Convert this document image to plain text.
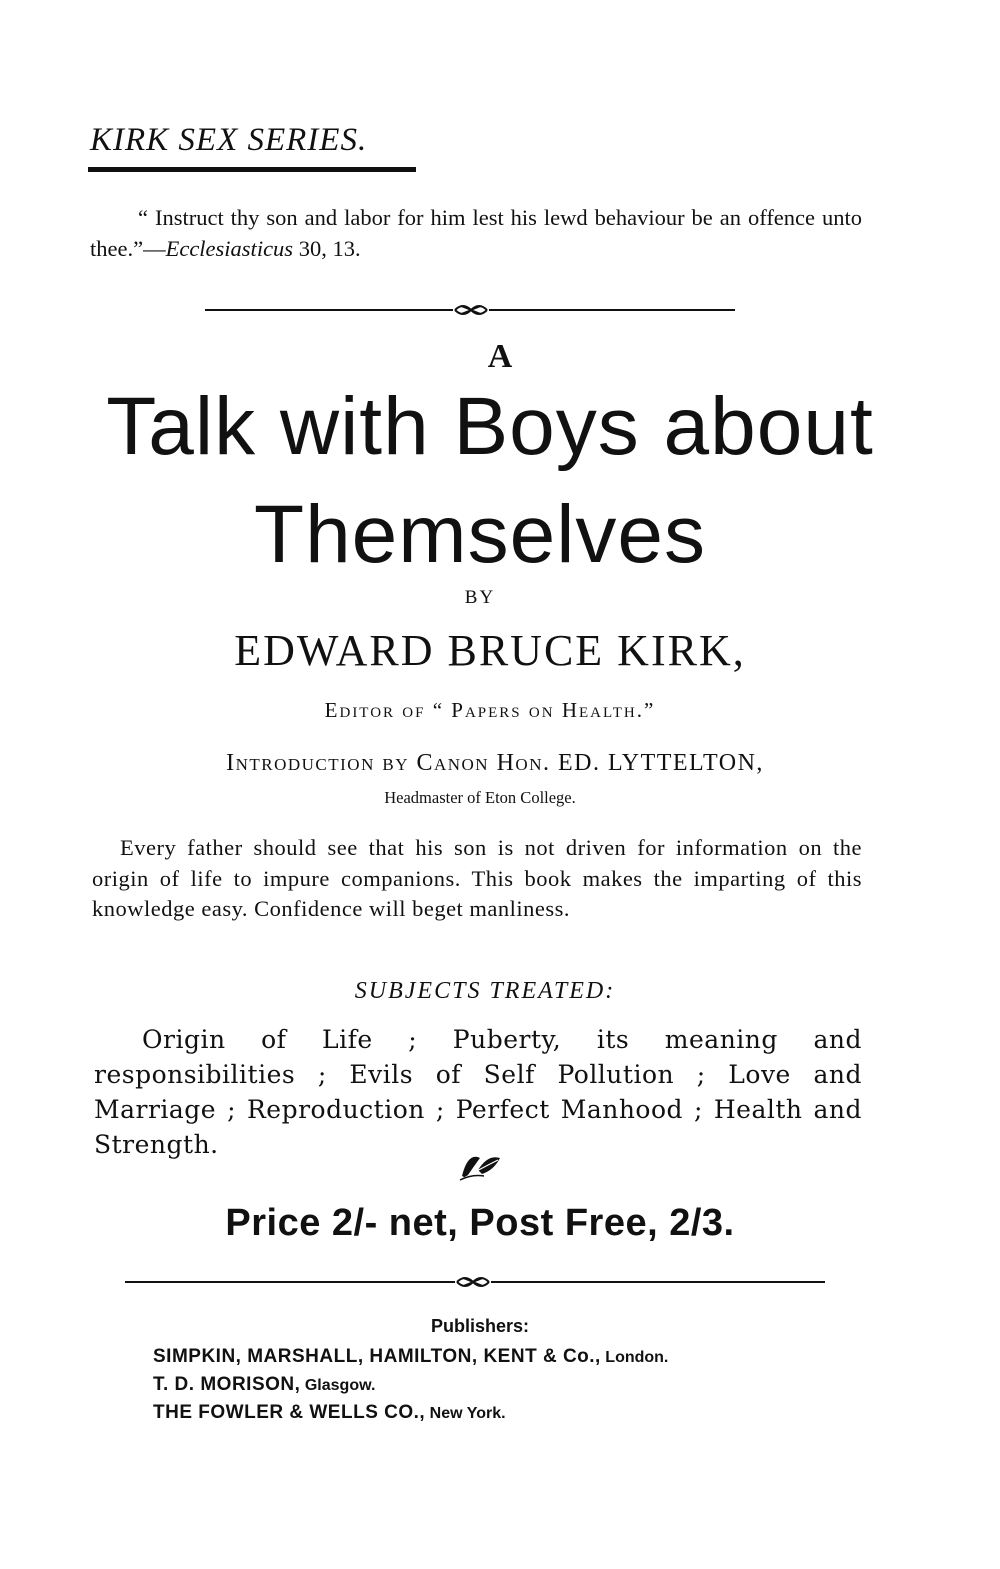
KIRK SEX SERIES.
“ Instruct thy son and labor for him lest his lewd behaviour be an offence unto thee.”—Ecclesiasticus 30, 13.
A
Talk with Boys about
Themselves
BY
EDWARD BRUCE KIRK,
Editor of “ Papers on Health.”
Introduction by Canon Hon. ED. LYTTELTON,
Headmaster of Eton College.
Every father should see that his son is not driven for information on the origin of life to impure companions. This book makes the imparting of this knowledge easy. Confidence will beget manliness.
SUBJECTS TREATED:
Origin of Life ; Puberty, its meaning and responsibilities ; Evils of Self Pollution ; Love and Marriage ; Reproduction ; Perfect Manhood ; Health and Strength.
Price 2/- net, Post Free, 2/3.
Publishers:
SIMPKIN, MARSHALL, HAMILTON, KENT & Co., London.
T. D. MORISON, Glasgow.
THE FOWLER & WELLS CO., New York.
